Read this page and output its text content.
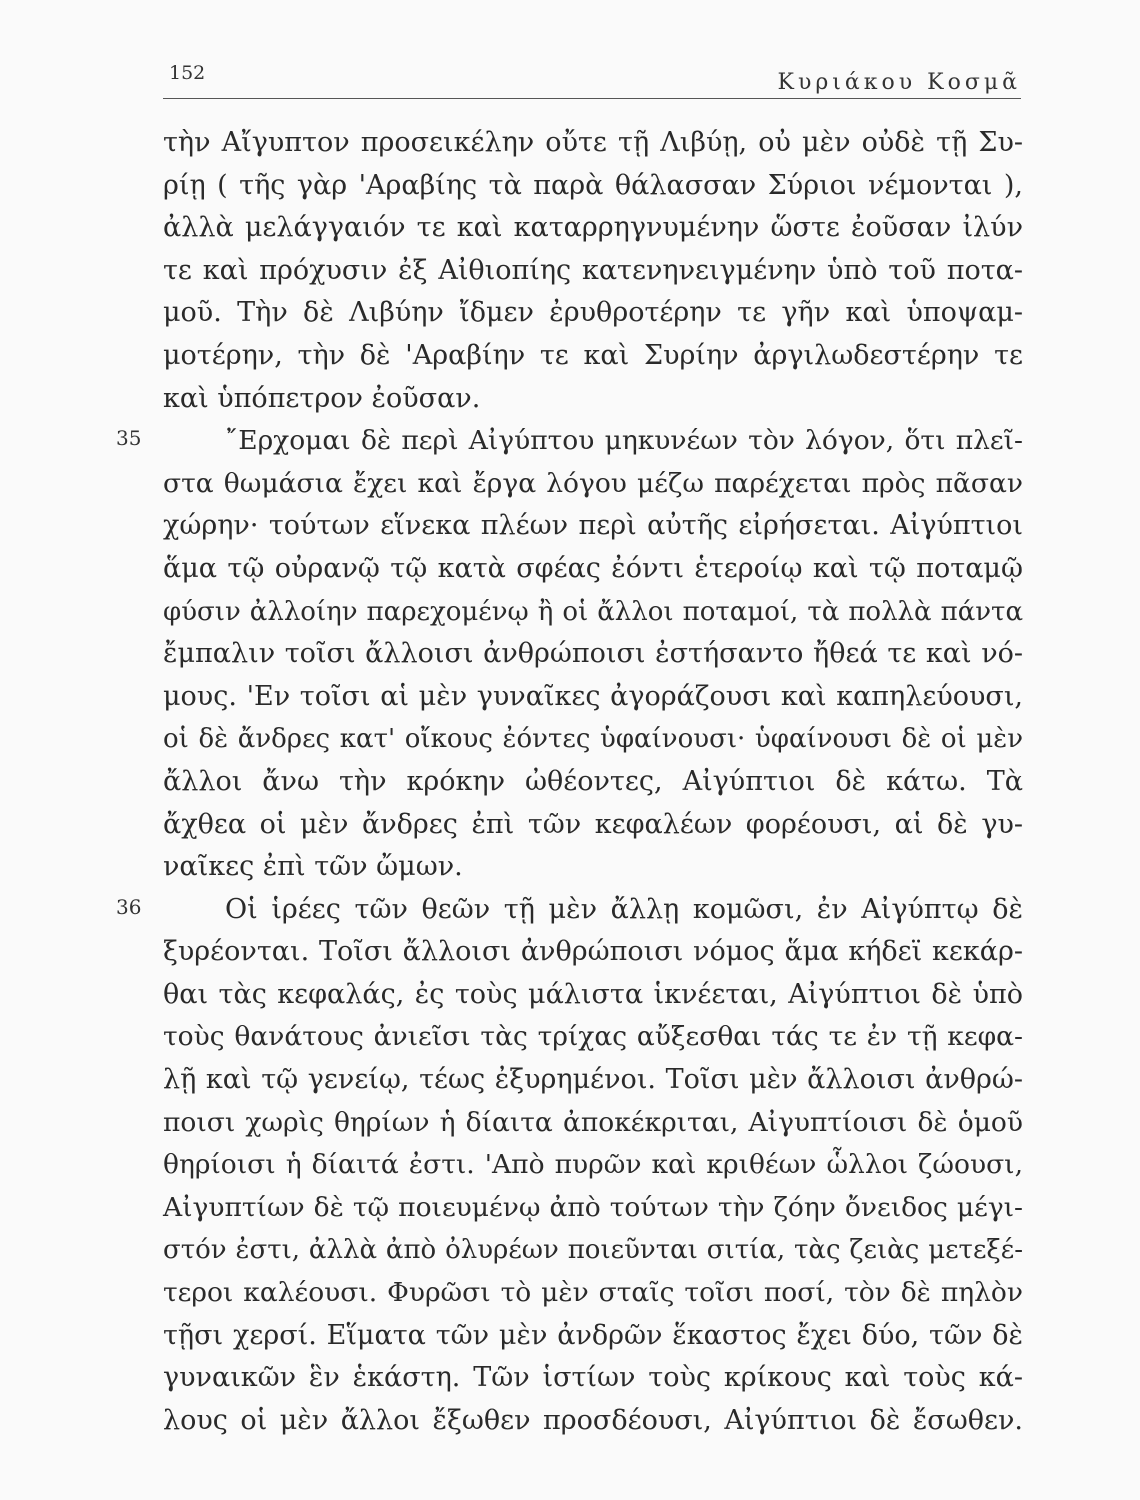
152	Κυριάκου Κοσμᾶ
τὴν Αἴγυπτον προσεικέλην οὔτε τῇ Λιβύῃ, οὐ μὲν οὐδὲ τῇ Συ-
ρίῃ ( τῆς γὰρ 'Αραβίης τὰ παρὰ θάλασσαν Σύριοι νέμονται ),
ἀλλὰ μελάγγαιόν τε καὶ καταρρηγνυμένην ὥστε ἐοῦσαν ἰλύν
τε καὶ πρόχυσιν ἐξ Αἰθιοπίης κατενηνειγμένην ὑπὸ τοῦ ποτα-
μοῦ. Τὴν δὲ Λιβύην ἴδμεν ἐρυθροτέρην τε γῆν καὶ ὑποψαμ-
μοτέρην, τὴν δὲ 'Αραβίην τε καὶ Συρίην ἀργιλωδεστέρην τε
καὶ ὑπόπετρον ἐοῦσαν.
35	῎Ερχομαι δὲ περὶ Αἰγύπτου μηκυνέων τὸν λόγον, ὅτι πλεῖ-
στα θωμάσια ἔχει καὶ ἔργα λόγου μέζω παρέχεται πρὸς πᾶσαν
χώρην· τούτων εἵνεκα πλέων περὶ αὐτῆς εἰρήσεται. Αἰγύπτιοι
ἅμα τῷ οὐρανῷ τῷ κατὰ σφέας ἐόντι ἑτεροίῳ καὶ τῷ ποταμῷ
φύσιν ἀλλοίην παρεχομένῳ ἢ οἱ ἄλλοι ποταμοί, τὰ πολλὰ πάντα
ἔμπαλιν τοῖσι ἄλλοισι ἀνθρώποισι ἐστήσαντο ἤθεά τε καὶ νό-
μους. 'Εν τοῖσι αἱ μὲν γυναῖκες ἀγοράζουσι καὶ καπηλεύουσι,
οἱ δὲ ἄνδρες κατ' οἴκους ἐόντες ὑφαίνουσι· ὑφαίνουσι δὲ οἱ μὲν
ἄλλοι ἄνω τὴν κρόκην ὠθέοντες, Αἰγύπτιοι δὲ κάτω. Τὰ
ἄχθεα οἱ μὲν ἄνδρες ἐπὶ τῶν κεφαλέων φορέουσι, αἱ δὲ γυ-
ναῖκες ἐπὶ τῶν ὤμων.
36	Οἱ ἱρέες τῶν θεῶν τῇ μὲν ἄλλῃ κομῶσι, ἐν Αἰγύπτῳ δὲ
ξυρέονται. Τοῖσι ἄλλοισι ἀνθρώποισι νόμος ἅμα κήδεϊ κεκάρ-
θαι τὰς κεφαλάς, ἐς τοὺς μάλιστα ἱκνέεται, Αἰγύπτιοι δὲ ὑπὸ
τοὺς θανάτους ἀνιεῖσι τὰς τρίχας αὔξεσθαι τάς τε ἐν τῇ κεφα-
λῇ καὶ τῷ γενείῳ, τέως ἐξυρημένοι. Τοῖσι μὲν ἄλλοισι ἀνθρώ-
ποισι χωρὶς θηρίων ἡ δίαιτα ἀποκέκριται, Αἰγυπτίοισι δὲ ὁμοῦ
θηρίοισι ἡ δίαιτά ἐστι. 'Απὸ πυρῶν καὶ κριθέων ὧλλοι ζώουσι,
Αἰγυπτίων δὲ τῷ ποιευμένῳ ἀπὸ τούτων τὴν ζόην ὄνειδος μέγι-
στόν ἐστι, ἀλλὰ ἀπὸ ὀλυρέων ποιεῦνται σιτία, τὰς ζειὰς μετεξέ-
τεροι καλέουσι. Φυρῶσι τὸ μὲν σταῖς τοῖσι ποσί, τὸν δὲ πηλὸν
τῇσι χερσί. Εἵματα τῶν μὲν ἀνδρῶν ἕκαστος ἔχει δύο, τῶν δὲ
γυναικῶν ἓν ἑκάστη. Τῶν ἱστίων τοὺς κρίκους καὶ τοὺς κά-
λους οἱ μὲν ἄλλοι ἔξωθεν προσδέουσι, Αἰγύπτιοι δὲ ἔσωθεν.
